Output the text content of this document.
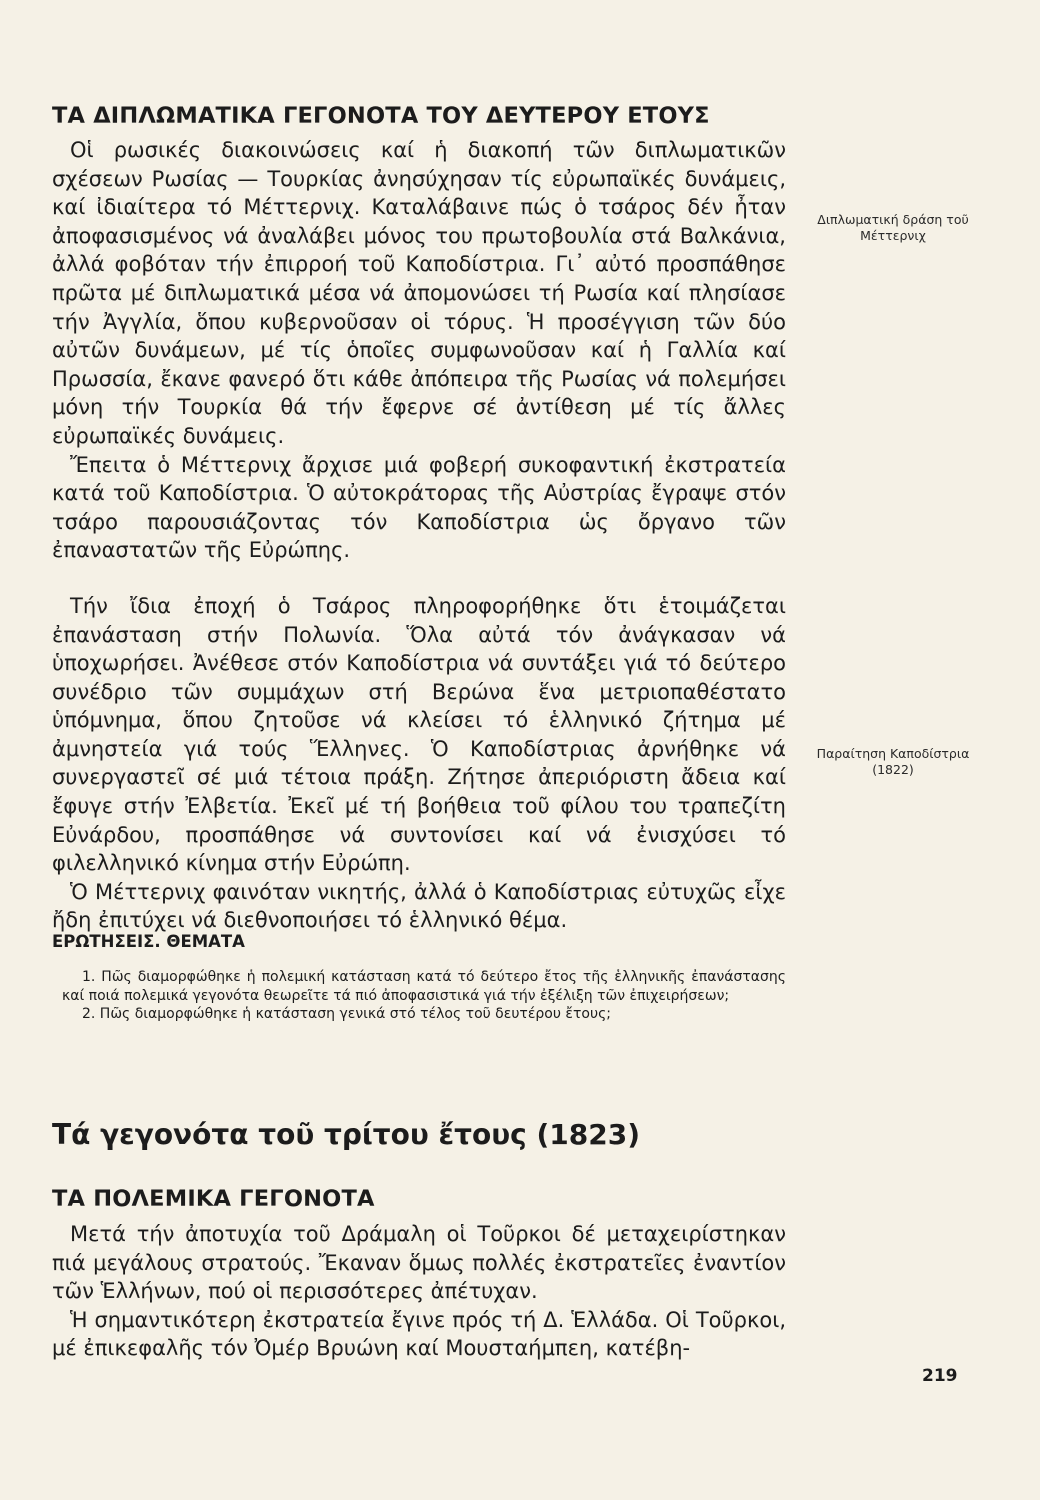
ΤΑ ΔΙΠΛΩΜΑΤΙΚΑ ΓΕΓΟΝΟΤΑ ΤΟΥ ΔΕΥΤΕΡΟΥ ΕΤΟΥΣ

Οἱ ρωσικές διακοινώσεις καί ἡ διακοπή τῶν διπλωματικῶν σχέσεων Ρωσίας — Τουρκίας ἀνησύχησαν τίς εὐρωπαϊκές δυνάμεις, καί ἰδιαίτερα τό Μέττερνιχ. Καταλάβαινε πώς ὁ τσάρος δέν ἦταν ἀποφασισμένος νά ἀναλάβει μόνος του πρωτοβουλία στά Βαλκάνια, ἀλλά φοβόταν τήν ἐπιρροή τοῦ Καποδίστρια. Γι᾽ αὐτό προσπάθησε πρῶτα μέ διπλωματικά μέσα νά ἀπομονώσει τή Ρωσία καί πλησίασε τήν Ἀγγλία, ὅπου κυβερνοῦσαν οἱ τόρυς. Ἡ προσέγγιση τῶν δύο αὐτῶν δυνάμεων, μέ τίς ὁποῖες συμφωνοῦσαν καί ἡ Γαλλία καί Πρωσσία, ἔκανε φανερό ὅτι κάθε ἀπόπειρα τῆς Ρωσίας νά πολεμήσει μόνη τήν Τουρκία θά τήν ἔφερνε σέ ἀντίθεση μέ τίς ἄλλες εὐρωπαϊκές δυνάμεις.

Ἔπειτα ὁ Μέττερνιχ ἄρχισε μιά φοβερή συκοφαντική ἐκστρατεία κατά τοῦ Καποδίστρια. Ὁ αὐτοκράτορας τῆς Αὐστρίας ἔγραψε στόν τσάρο παρουσιάζοντας τόν Καποδίστρια ὡς ὄργανο τῶν ἐπαναστατῶν τῆς Εὐρώπης.

Τήν ἴδια ἐποχή ὁ Τσάρος πληροφορήθηκε ὅτι ἑτοιμάζεται ἐπανάσταση στήν Πολωνία. Ὅλα αὐτά τόν ἀνάγκασαν νά ὑποχωρήσει. Ἀνέθεσε στόν Καποδίστρια νά συντάξει γιά τό δεύτερο συνέδριο τῶν συμμάχων στή Βερώνα ἕνα μετριοπαθέστατο ὑπόμνημα, ὅπου ζητοῦσε νά κλείσει τό ἑλληνικό ζήτημα μέ ἀμνηστεία γιά τούς Ἕλληνες. Ὁ Καποδίστριας ἀρνήθηκε νά συνεργαστεῖ σέ μιά τέτοια πράξη. Ζήτησε ἀπεριόριστη ἄδεια καί ἔφυγε στήν Ἐλβετία. Ἐκεῖ μέ τή βοήθεια τοῦ φίλου του τραπεζίτη Εὐνάρδου, προσπάθησε νά συντονίσει καί νά ἐνισχύσει τό φιλελληνικό κίνημα στήν Εὐρώπη.

Ὁ Μέττερνιχ φαινόταν νικητής, ἀλλά ὁ Καποδίστριας εὐτυχῶς εἶχε ἤδη ἐπιτύχει νά διεθνοποιήσει τό ἑλληνικό θέμα.

Διπλωματική δράση τοῦ Μέττερνιχ
Παραίτηση Καποδίστρια (1822)
ΕΡΩΤΗΣΕΙΣ. ΘΕΜΑΤΑ

1. Πῶς διαμορφώθηκε ἡ πολεμική κατάσταση κατά τό δεύτερο ἔτος τῆς ἑλληνικῆς ἐπανάστασης καί ποιά πολεμικά γεγονότα θεωρεῖτε τά πιό ἀποφασιστικά γιά τήν ἐξέλιξη τῶν ἐπιχειρήσεων;

2. Πῶς διαμορφώθηκε ἡ κατάσταση γενικά στό τέλος τοῦ δευτέρου ἔτους;

Τά γεγονότα τοῦ τρίτου ἔτους (1823)
ΤΑ ΠΟΛΕΜΙΚΑ ΓΕΓΟΝΟΤΑ

Μετά τήν ἀποτυχία τοῦ Δράμαλη οἱ Τοῦρκοι δέ μεταχειρίστηκαν πιά μεγάλους στρατούς. Ἔκαναν ὅμως πολλές ἐκστρατεῖες ἐναντίον τῶν Ἑλλήνων, πού οἱ περισσότερες ἀπέτυχαν.

Ἡ σημαντικότερη ἐκστρατεία ἔγινε πρός τή Δ. Ἑλλάδα. Οἱ Τοῦρκοι, μέ ἐπικεφαλῆς τόν Ὀμέρ Βρυώνη καί Μουσταήμπεη, κατέβη-

219
